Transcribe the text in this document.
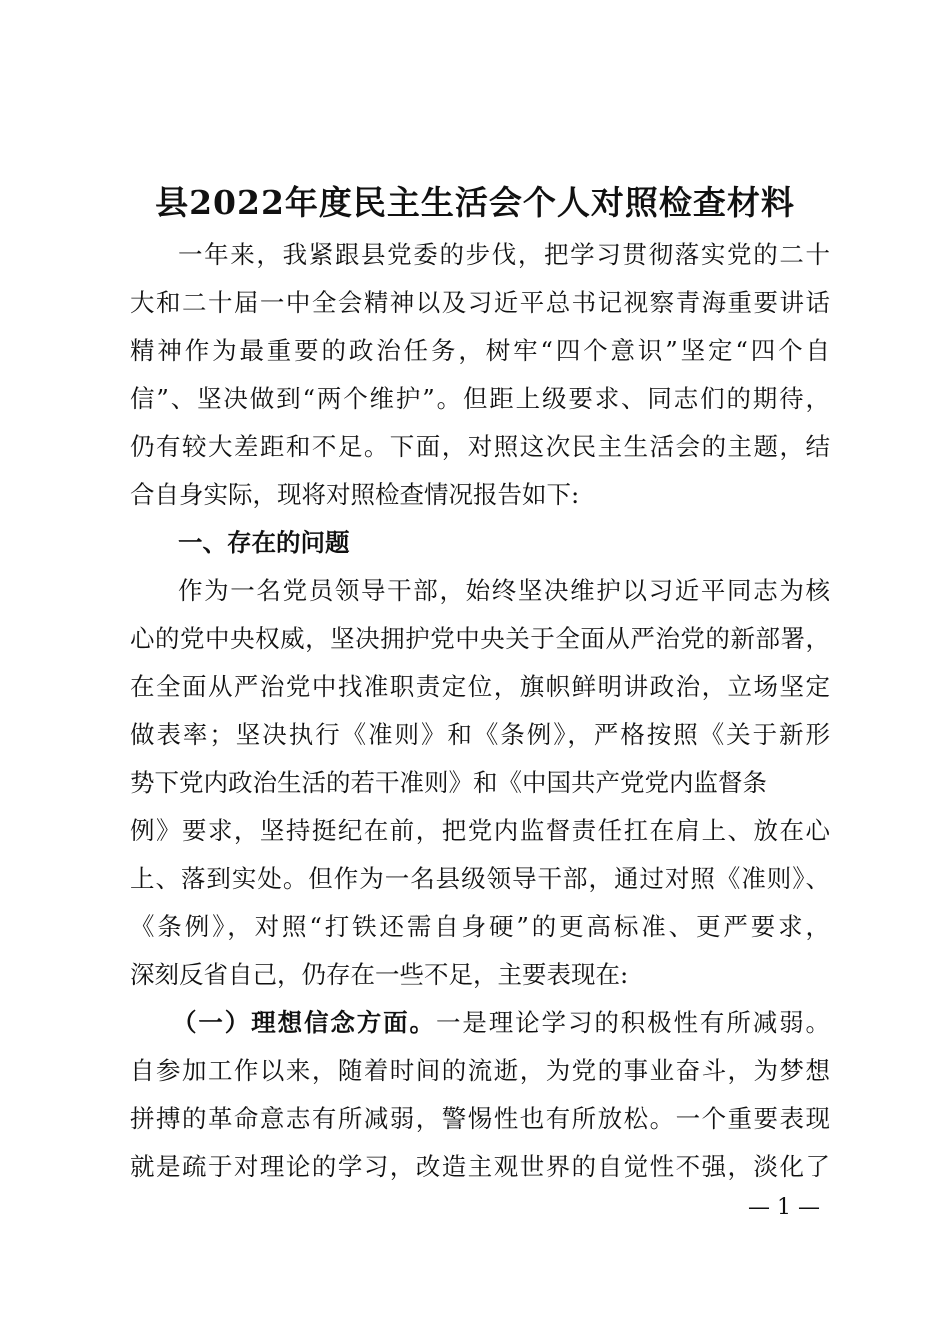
县2022年度民主生活会个人对照检查材料
一年来，我紧跟县党委的步伐，把学习贯彻落实党的二十
大和二十届一中全会精神以及习近平总书记视察青海重要讲话
精神作为最重要的政治任务，树牢“四个意识”坚定“四个自
信”、坚决做到“两个维护”。但距上级要求、同志们的期待，
仍有较大差距和不足。下面，对照这次民主生活会的主题，结
合自身实际，现将对照检查情况报告如下:
一、存在的问题
作为一名党员领导干部，始终坚决维护以习近平同志为核
心的党中央权威，坚决拥护党中央关于全面从严治党的新部署，
在全面从严治党中找准职责定位，旗帜鲜明讲政治，立场坚定
做表率；坚决执行《准则》和《条例》，严格按照《关于新形
势下党内政治生活的若干准则》和《中国共产党党内监督条
例》要求，坚持挺纪在前，把党内监督责任扛在肩上、放在心
上、落到实处。但作为一名县级领导干部，通过对照《准则》、
《条例》，对照“打铁还需自身硬”的更高标准、更严要求，
深刻反省自己，仍存在一些不足，主要表现在:
（一）理想信念方面。一是理论学习的积极性有所减弱。
自参加工作以来，随着时间的流逝，为党的事业奋斗，为梦想
拼搏的革命意志有所减弱，警惕性也有所放松。一个重要表现
就是疏于对理论的学习，改造主观世界的自觉性不强，淡化了
— 1 —
